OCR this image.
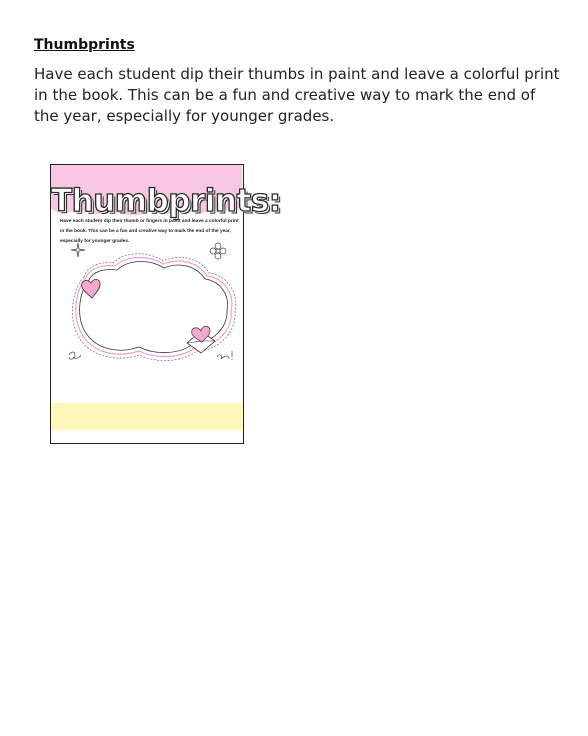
Thumbprints
Have each student dip their thumbs in paint and leave a colorful print in the book. This can be a fun and creative way to mark the end of the year, especially for younger grades.
Thumbprints:
Have each student dip their thumb or fingers in paint and leave a colorful print in the book. This can be a fun and creative way to mark the end of the year, especially for younger grades.
